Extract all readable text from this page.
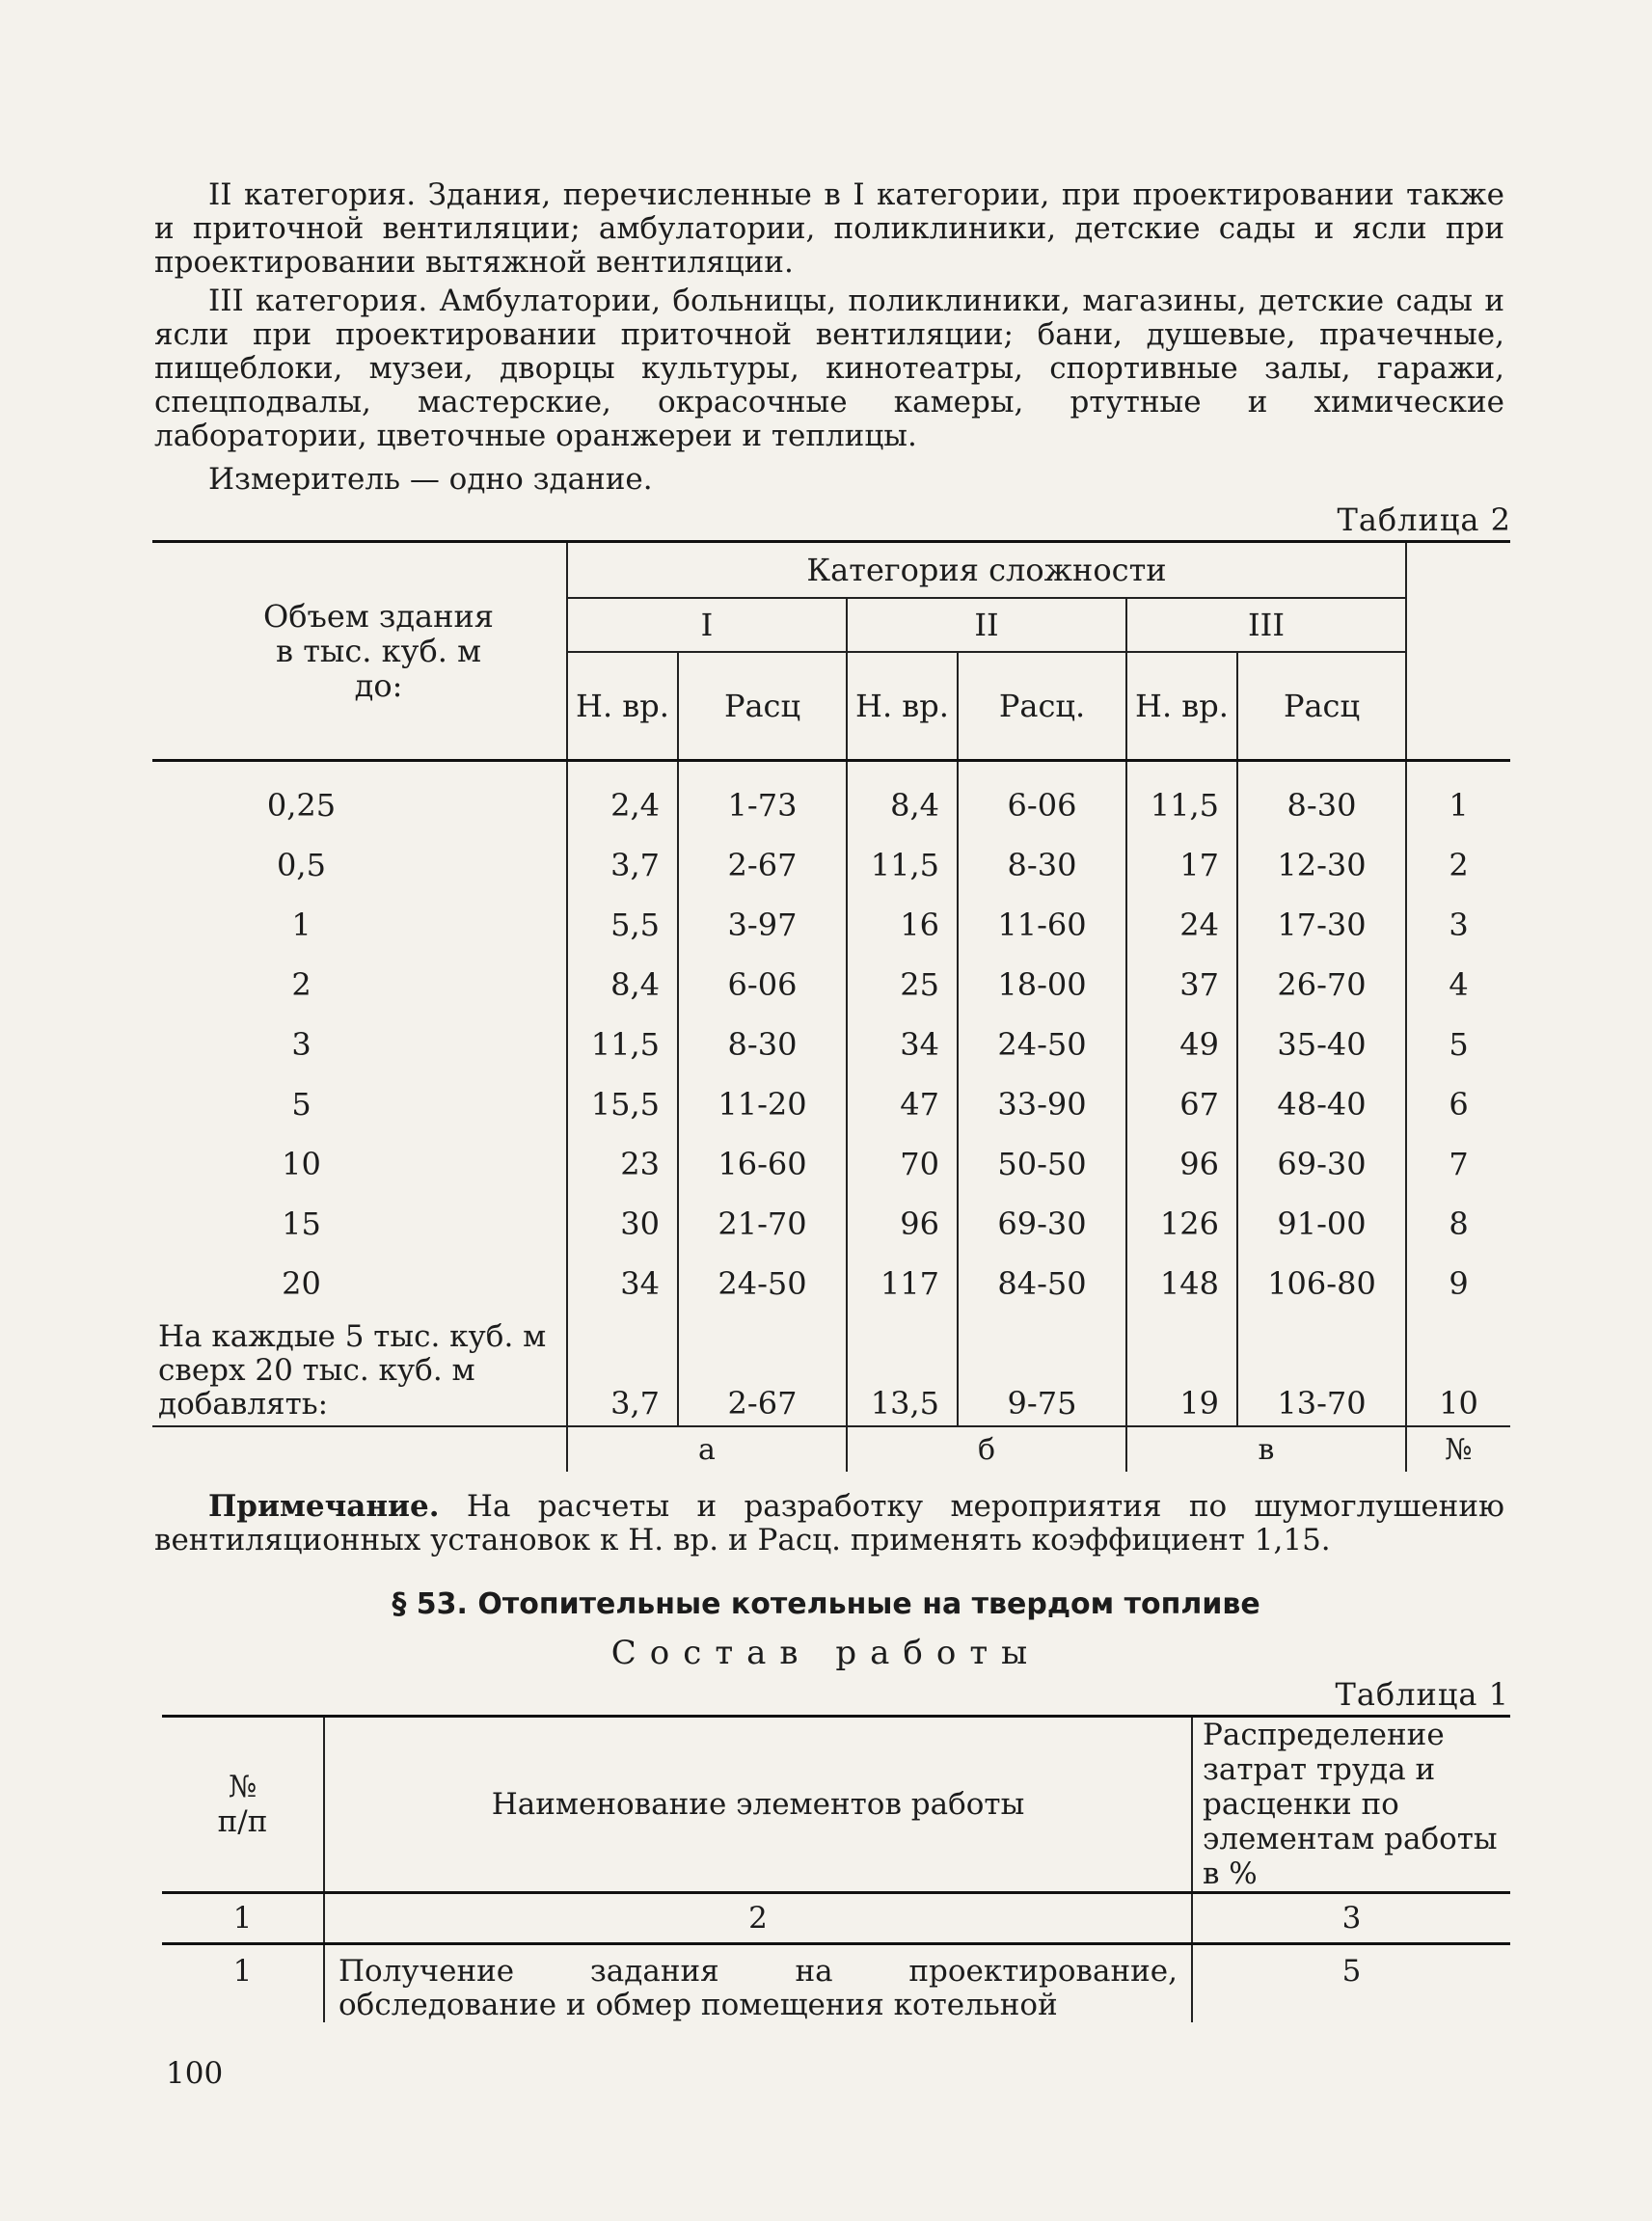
II категория. Здания, перечисленные в I категории, при проектировании также и приточной вентиляции; амбулатории, поликлиники, детские сады и ясли при проектировании вытяжной вентиляции.

III категория. Амбулатории, больницы, поликлиники, магазины, детские сады и ясли при проектировании приточной вентиляции; бани, душевые, прачечные, пищеблоки, музеи, дворцы культуры, кинотеатры, спортивные залы, гаражи, спецподвалы, мастерские, окрасочные камеры, ртутные и химические лаборатории, цветочные оранжереи и теплицы.

Измеритель — одно здание.

Таблица 2
Объем здания в тыс. куб. м до:	Категория сложности						
	I		II		III		
	Н. вр.	Расц	Н. вр.	Расц.	Н. вр.	Расц	
0,25	2,4	1-73	8,4	6-06	11,5	8-30	1
0,5	3,7	2-67	11,5	8-30	17	12-30	2
1	5,5	3-97	16	11-60	24	17-30	3
2	8,4	6-06	25	18-00	37	26-70	4
3	11,5	8-30	34	24-50	49	35-40	5
5	15,5	11-20	47	33-90	67	48-40	6
10	23	16-60	70	50-50	96	69-30	7
15	30	21-70	96	69-30	126	91-00	8
20	34	24-50	117	84-50	148	106-80	9
На каждые 5 тыс. куб. м сверх 20 тыс. куб. м добавлять:	3,7	2-67	13,5	9-75	19	13-70	10
	а		б		в		№

Примечание. На расчеты и разработку мероприятия по шумоглушению вентиляционных установок к Н. вр. и Расц. применять коэффициент 1,15.

§ 53. Отопительные котельные на твердом топливе
Состав работы
Таблица 1
№ п/п	Наименование элементов работы	Распределение затрат труда и расценки по элементам работы в %
1	2	3
1	Получение задания на проектирование, обследование и обмер помещения котельной	5
100
